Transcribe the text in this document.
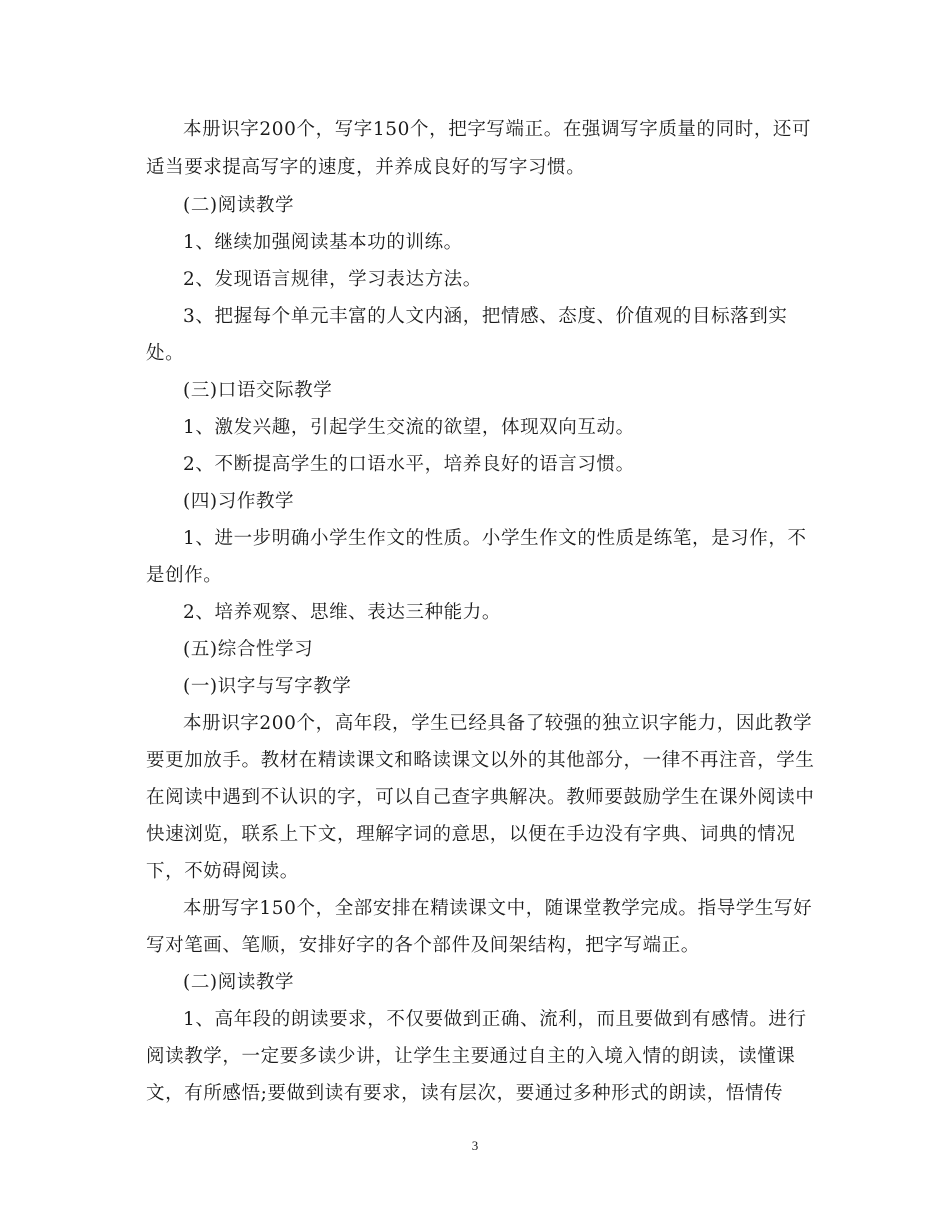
本册识字200个，写字150个，把字写端正。在强调写字质量的同时，还可
适当要求提高写字的速度，并养成良好的写字习惯。
(二)阅读教学
1、继续加强阅读基本功的训练。
2、发现语言规律，学习表达方法。
3、把握每个单元丰富的人文内涵，把情感、态度、价值观的目标落到实
处。
(三)口语交际教学
1、激发兴趣，引起学生交流的欲望，体现双向互动。
2、不断提高学生的口语水平，培养良好的语言习惯。
(四)习作教学
1、进一步明确小学生作文的性质。小学生作文的性质是练笔，是习作，不
是创作。
2、培养观察、思维、表达三种能力。
(五)综合性学习
(一)识字与写字教学
本册识字200个，高年段，学生已经具备了较强的独立识字能力，因此教学
要更加放手。教材在精读课文和略读课文以外的其他部分，一律不再注音，学生
在阅读中遇到不认识的字，可以自己查字典解决。教师要鼓励学生在课外阅读中
快速浏览，联系上下文，理解字词的意思，以便在手边没有字典、词典的情况
下，不妨碍阅读。
本册写字150个，全部安排在精读课文中，随课堂教学完成。指导学生写好
写对笔画、笔顺，安排好字的各个部件及间架结构，把字写端正。
(二)阅读教学
1、高年段的朗读要求，不仅要做到正确、流利，而且要做到有感情。进行
阅读教学，一定要多读少讲，让学生主要通过自主的入境入情的朗读，读懂课
文，有所感悟;要做到读有要求，读有层次，要通过多种形式的朗读，悟情传
3
